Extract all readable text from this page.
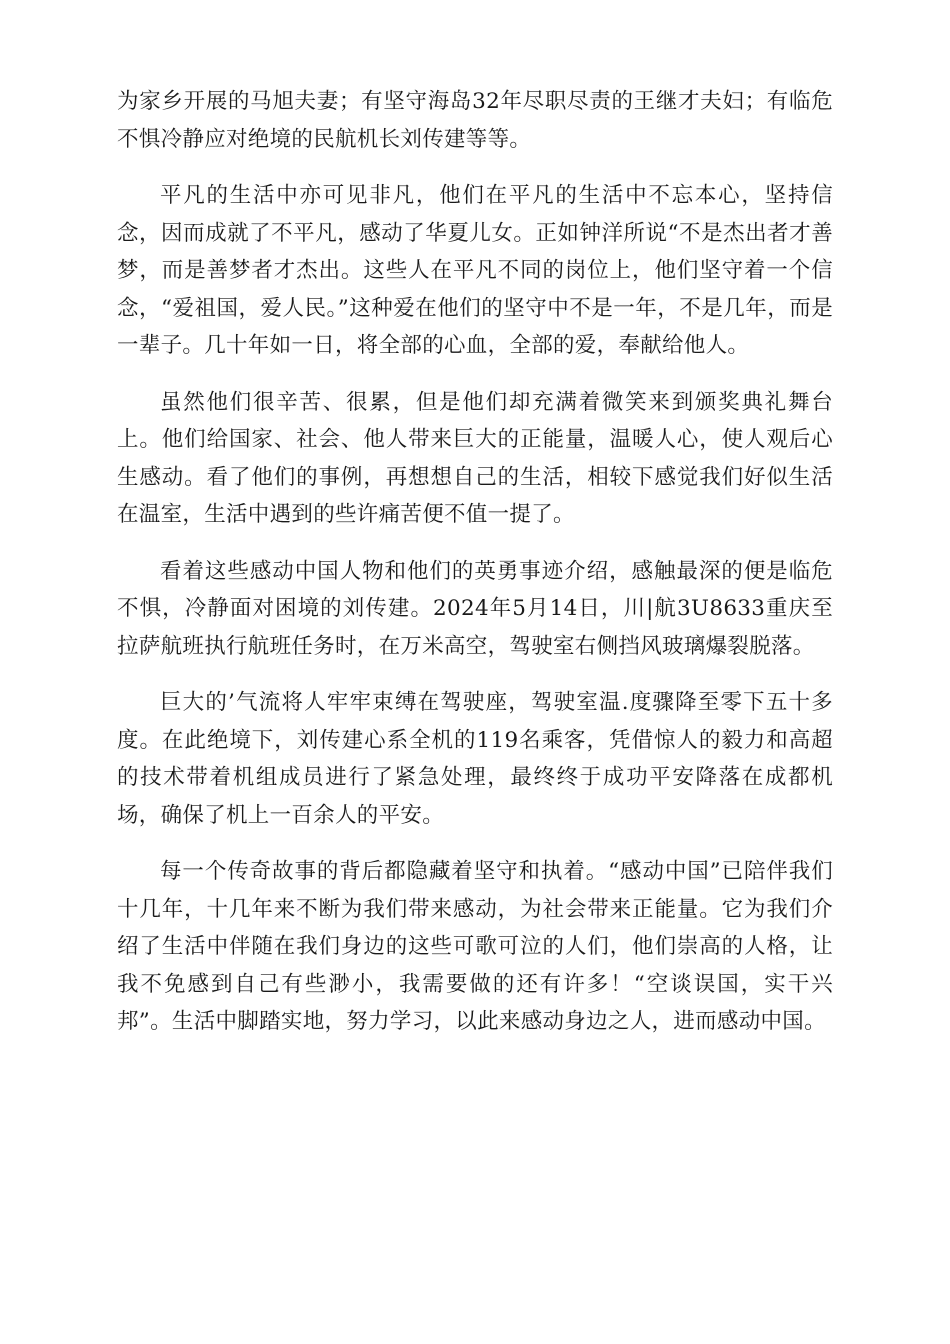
为家乡开展的马旭夫妻；有坚守海岛32年尽职尽责的王继才夫妇；有临危不惧冷静应对绝境的民航机长刘传建等等。

平凡的生活中亦可见非凡，他们在平凡的生活中不忘本心，坚持信念，因而成就了不平凡，感动了华夏儿女。正如钟洋所说“不是杰出者才善梦，而是善梦者才杰出。这些人在平凡不同的岗位上，他们坚守着一个信念，“爱祖国，爱人民。”这种爱在他们的坚守中不是一年，不是几年，而是一辈子。几十年如一日，将全部的心血，全部的爱，奉献给他人。

虽然他们很辛苦、很累，但是他们却充满着微笑来到颁奖典礼舞台上。他们给国家、社会、他人带来巨大的正能量，温暖人心，使人观后心生感动。看了他们的事例，再想想自己的生活，相较下感觉我们好似生活在温室，生活中遇到的些许痛苦便不值一提了。

看着这些感动中国人物和他们的英勇事迹介绍，感触最深的便是临危不惧，冷静面对困境的刘传建。2024年5月14日，川|航3U8633重庆至拉萨航班执行航班任务时，在万米高空，驾驶室右侧挡风玻璃爆裂脱落。

巨大的’气流将人牢牢束缚在驾驶座，驾驶室温.度骤降至零下五十多度。在此绝境下，刘传建心系全机的119名乘客，凭借惊人的毅力和高超的技术带着机组成员进行了紧急处理，最终终于成功平安降落在成都机场，确保了机上一百余人的平安。

每一个传奇故事的背后都隐藏着坚守和执着。“感动中国”已陪伴我们十几年，十几年来不断为我们带来感动，为社会带来正能量。它为我们介绍了生活中伴随在我们身边的这些可歌可泣的人们，他们崇高的人格，让我不免感到自己有些渺小，我需要做的还有许多！“空谈误国，实干兴邦”。生活中脚踏实地，努力学习，以此来感动身边之人，进而感动中国。
